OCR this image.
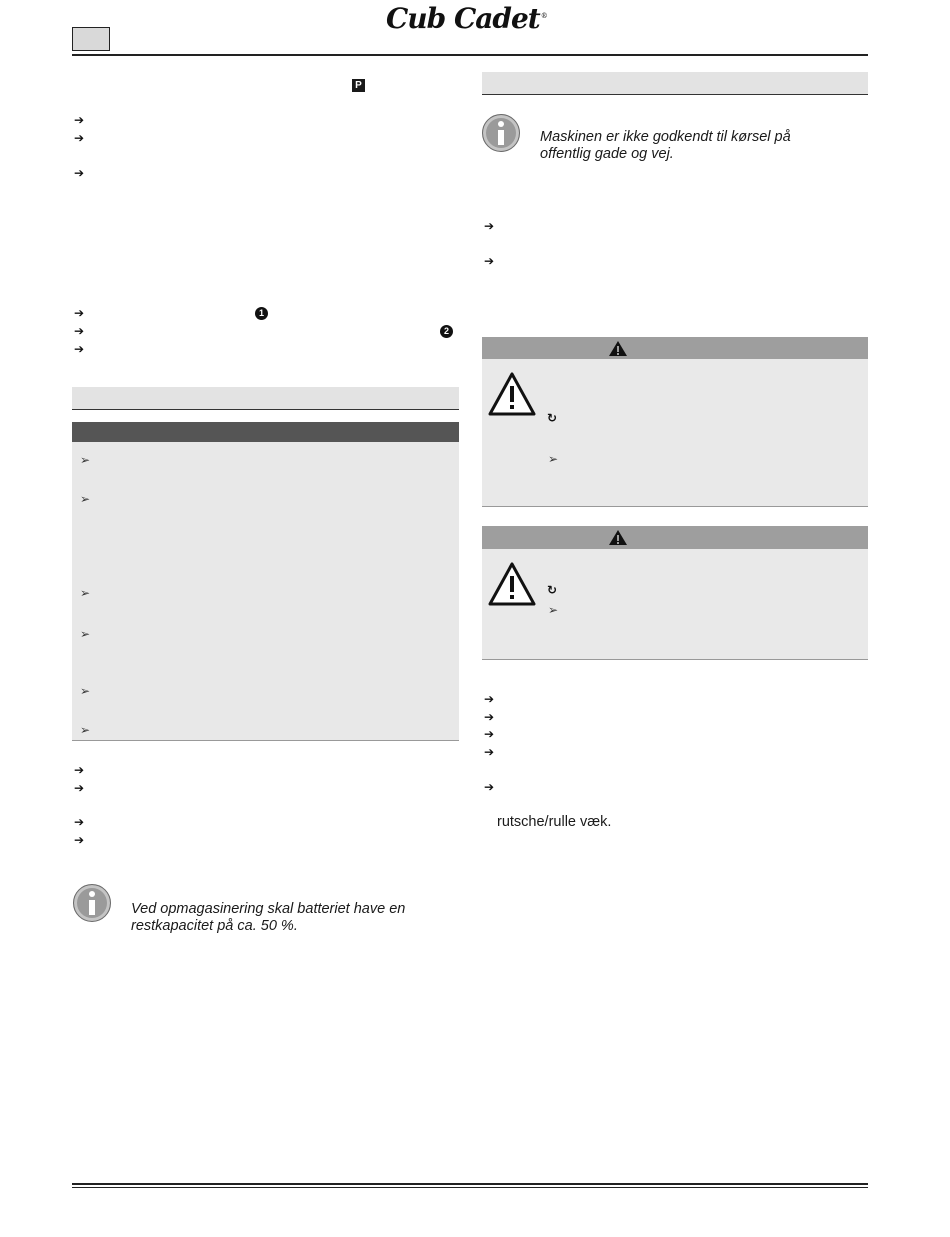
Cub Cadet®
P
➔
➔
➔
➔	1
➔	2
➔
➢
➢
➢
➢
➢
➢
➔
➔
➔
➔
Ved opmagasinering skal batteriet have en
restkapacitet på ca. 50 %.
Maskinen er ikke godkendt til kørsel på
offentlig gade og vej.
➔
➔
↻
➢
↻
➢
➔
➔
➔
➔
➔
rutsche/rulle væk.
